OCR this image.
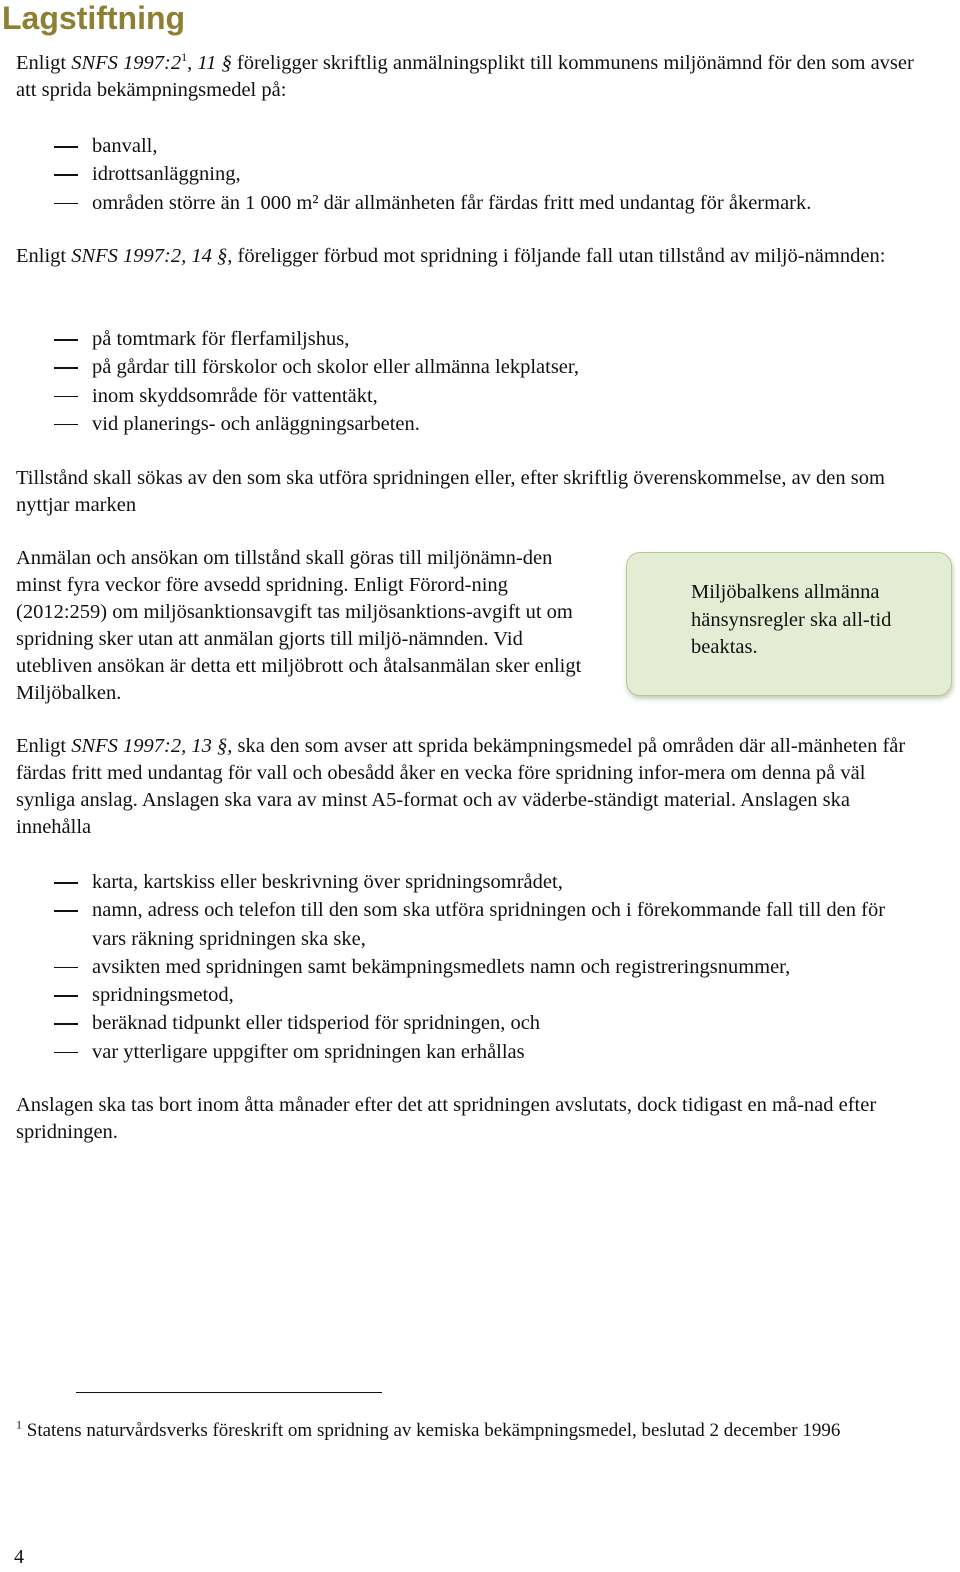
Lagstiftning

Enligt SNFS $1997:2^1$, 11 § föreligger skriftlig anmälningsplikt till kommunens miljönämnd för den som avser att sprida bekämpningsmedel på:

banvall,
idrottsanläggning,
områden större än 1 000 m² där allmänheten får färdas fritt med undantag för åkermark.

Enligt SNFS 1997:2, 14 §, föreligger förbud mot spridning i följande fall utan tillstånd av miljö-nämnden:

på tomtmark för flerfamiljshus,
på gårdar till förskolor och skolor eller allmänna lekplatser,
inom skyddsområde för vattentäkt,
vid planerings- och anläggningsarbeten.

Tillstånd skall sökas av den som ska utföra spridningen eller, efter skriftlig överenskommelse, av den som nyttjar marken

Anmälan och ansökan om tillstånd skall göras till miljönämn-den minst fyra veckor före avsedd spridning. Enligt Förord-ning (2012:259) om miljösanktionsavgift tas miljösanktions-avgift ut om spridning sker utan att anmälan gjorts till miljö-nämnden. Vid utebliven ansökan är detta ett miljöbrott och åtalsanmälan sker enligt Miljöbalken.

Miljöbalkens allmänna hänsynsregler ska all-tid beaktas.

Enligt SNFS 1997:2, 13 §, ska den som avser att sprida bekämpningsmedel på områden där all-mänheten får färdas fritt med undantag för vall och obesådd åker en vecka före spridning infor-mera om denna på väl synliga anslag. Anslagen ska vara av minst A5-format och av väderbe-ständigt material. Anslagen ska innehålla

karta, kartskiss eller beskrivning över spridningsområdet,
namn, adress och telefon till den som ska utföra spridningen och i förekommande fall till den för vars räkning spridningen ska ske,
avsikten med spridningen samt bekämpningsmedlets namn och registreringsnummer,
spridningsmetod,
beräknad tidpunkt eller tidsperiod för spridningen, och
var ytterligare uppgifter om spridningen kan erhållas

Anslagen ska tas bort inom åtta månader efter det att spridningen avslutats, dock tidigast en må-nad efter spridningen.

$^1$ Statens naturvårdsverks föreskrift om spridning av kemiska bekämpningsmedel, beslutad 2 december 1996

4
